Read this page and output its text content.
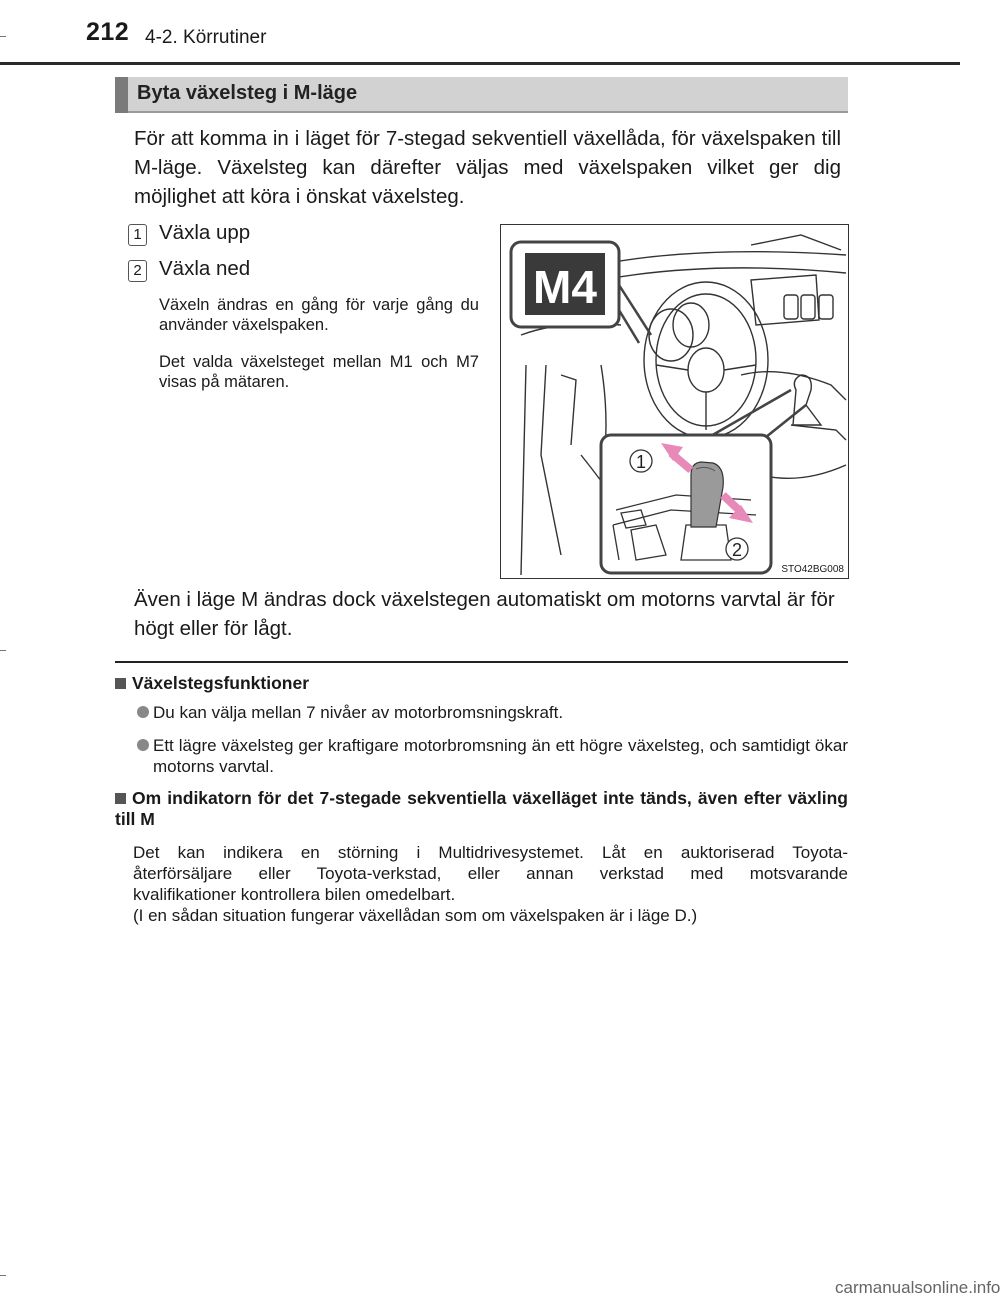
212 4-2. Körrutiner
Byta växelsteg i M-läge
För att komma in i läget för 7-stegad sekventiell växellåda, för växelspaken till M-läge. Växelsteg kan därefter väljas med växelspaken vilket ger dig möjlighet att köra i önskat växelsteg.
1 Växla upp
2 Växla ned
Växeln ändras en gång för varje gång du använder växelspaken.
Det valda växelsteget mellan M1 och M7 visas på mätaren.
M4
1
2
STO42BG008
Även i läge M ändras dock växelstegen automatiskt om motorns varvtal är för högt eller för lågt.
Växelstegsfunktioner
Du kan välja mellan 7 nivåer av motorbromsningskraft.
Ett lägre växelsteg ger kraftigare motorbromsning än ett högre växelsteg, och samtidigt ökar motorns varvtal.
Om indikatorn för det 7-stegade sekventiella växelläget inte tänds, även efter växling till M
Det kan indikera en störning i Multidrivesystemet. Låt en auktoriserad Toyota-
återförsäljare eller Toyota-verkstad, eller annan verkstad med motsvarande
kvalifikationer kontrollera bilen omedelbart.
(I en sådan situation fungerar växellådan som om växelspaken är i läge D.)
carmanualsonline.info
